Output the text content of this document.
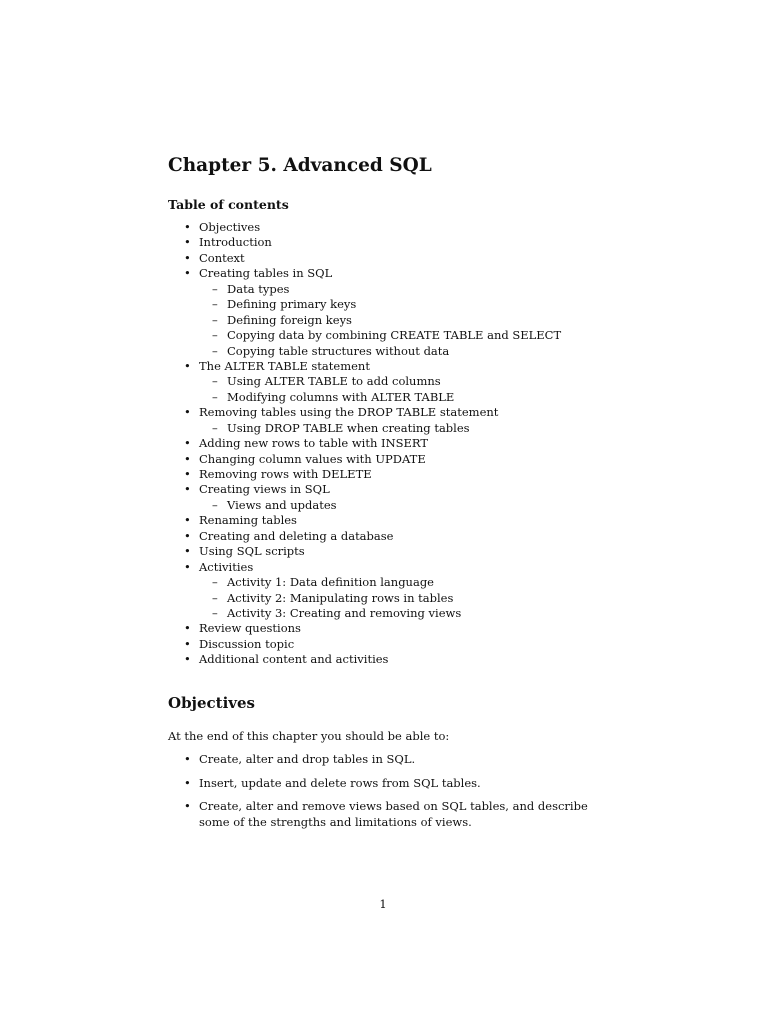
Chapter 5. Advanced SQL
Table of contents
• Objectives
• Introduction
• Context
• Creating tables in SQL
– Data types
– Defining primary keys
– Defining foreign keys
– Copying data by combining CREATE TABLE and SELECT
– Copying table structures without data
• The ALTER TABLE statement
– Using ALTER TABLE to add columns
– Modifying columns with ALTER TABLE
• Removing tables using the DROP TABLE statement
– Using DROP TABLE when creating tables
• Adding new rows to table with INSERT
• Changing column values with UPDATE
• Removing rows with DELETE
• Creating views in SQL
– Views and updates
• Renaming tables
• Creating and deleting a database
• Using SQL scripts
• Activities
– Activity 1: Data definition language
– Activity 2: Manipulating rows in tables
– Activity 3: Creating and removing views
• Review questions
• Discussion topic
• Additional content and activities
Objectives

At the end of this chapter you should be able to:

• Create, alter and drop tables in SQL.
• Insert, update and delete rows from SQL tables.
• Create, alter and remove views based on SQL tables, and describe some of the strengths and limitations of views.
1
